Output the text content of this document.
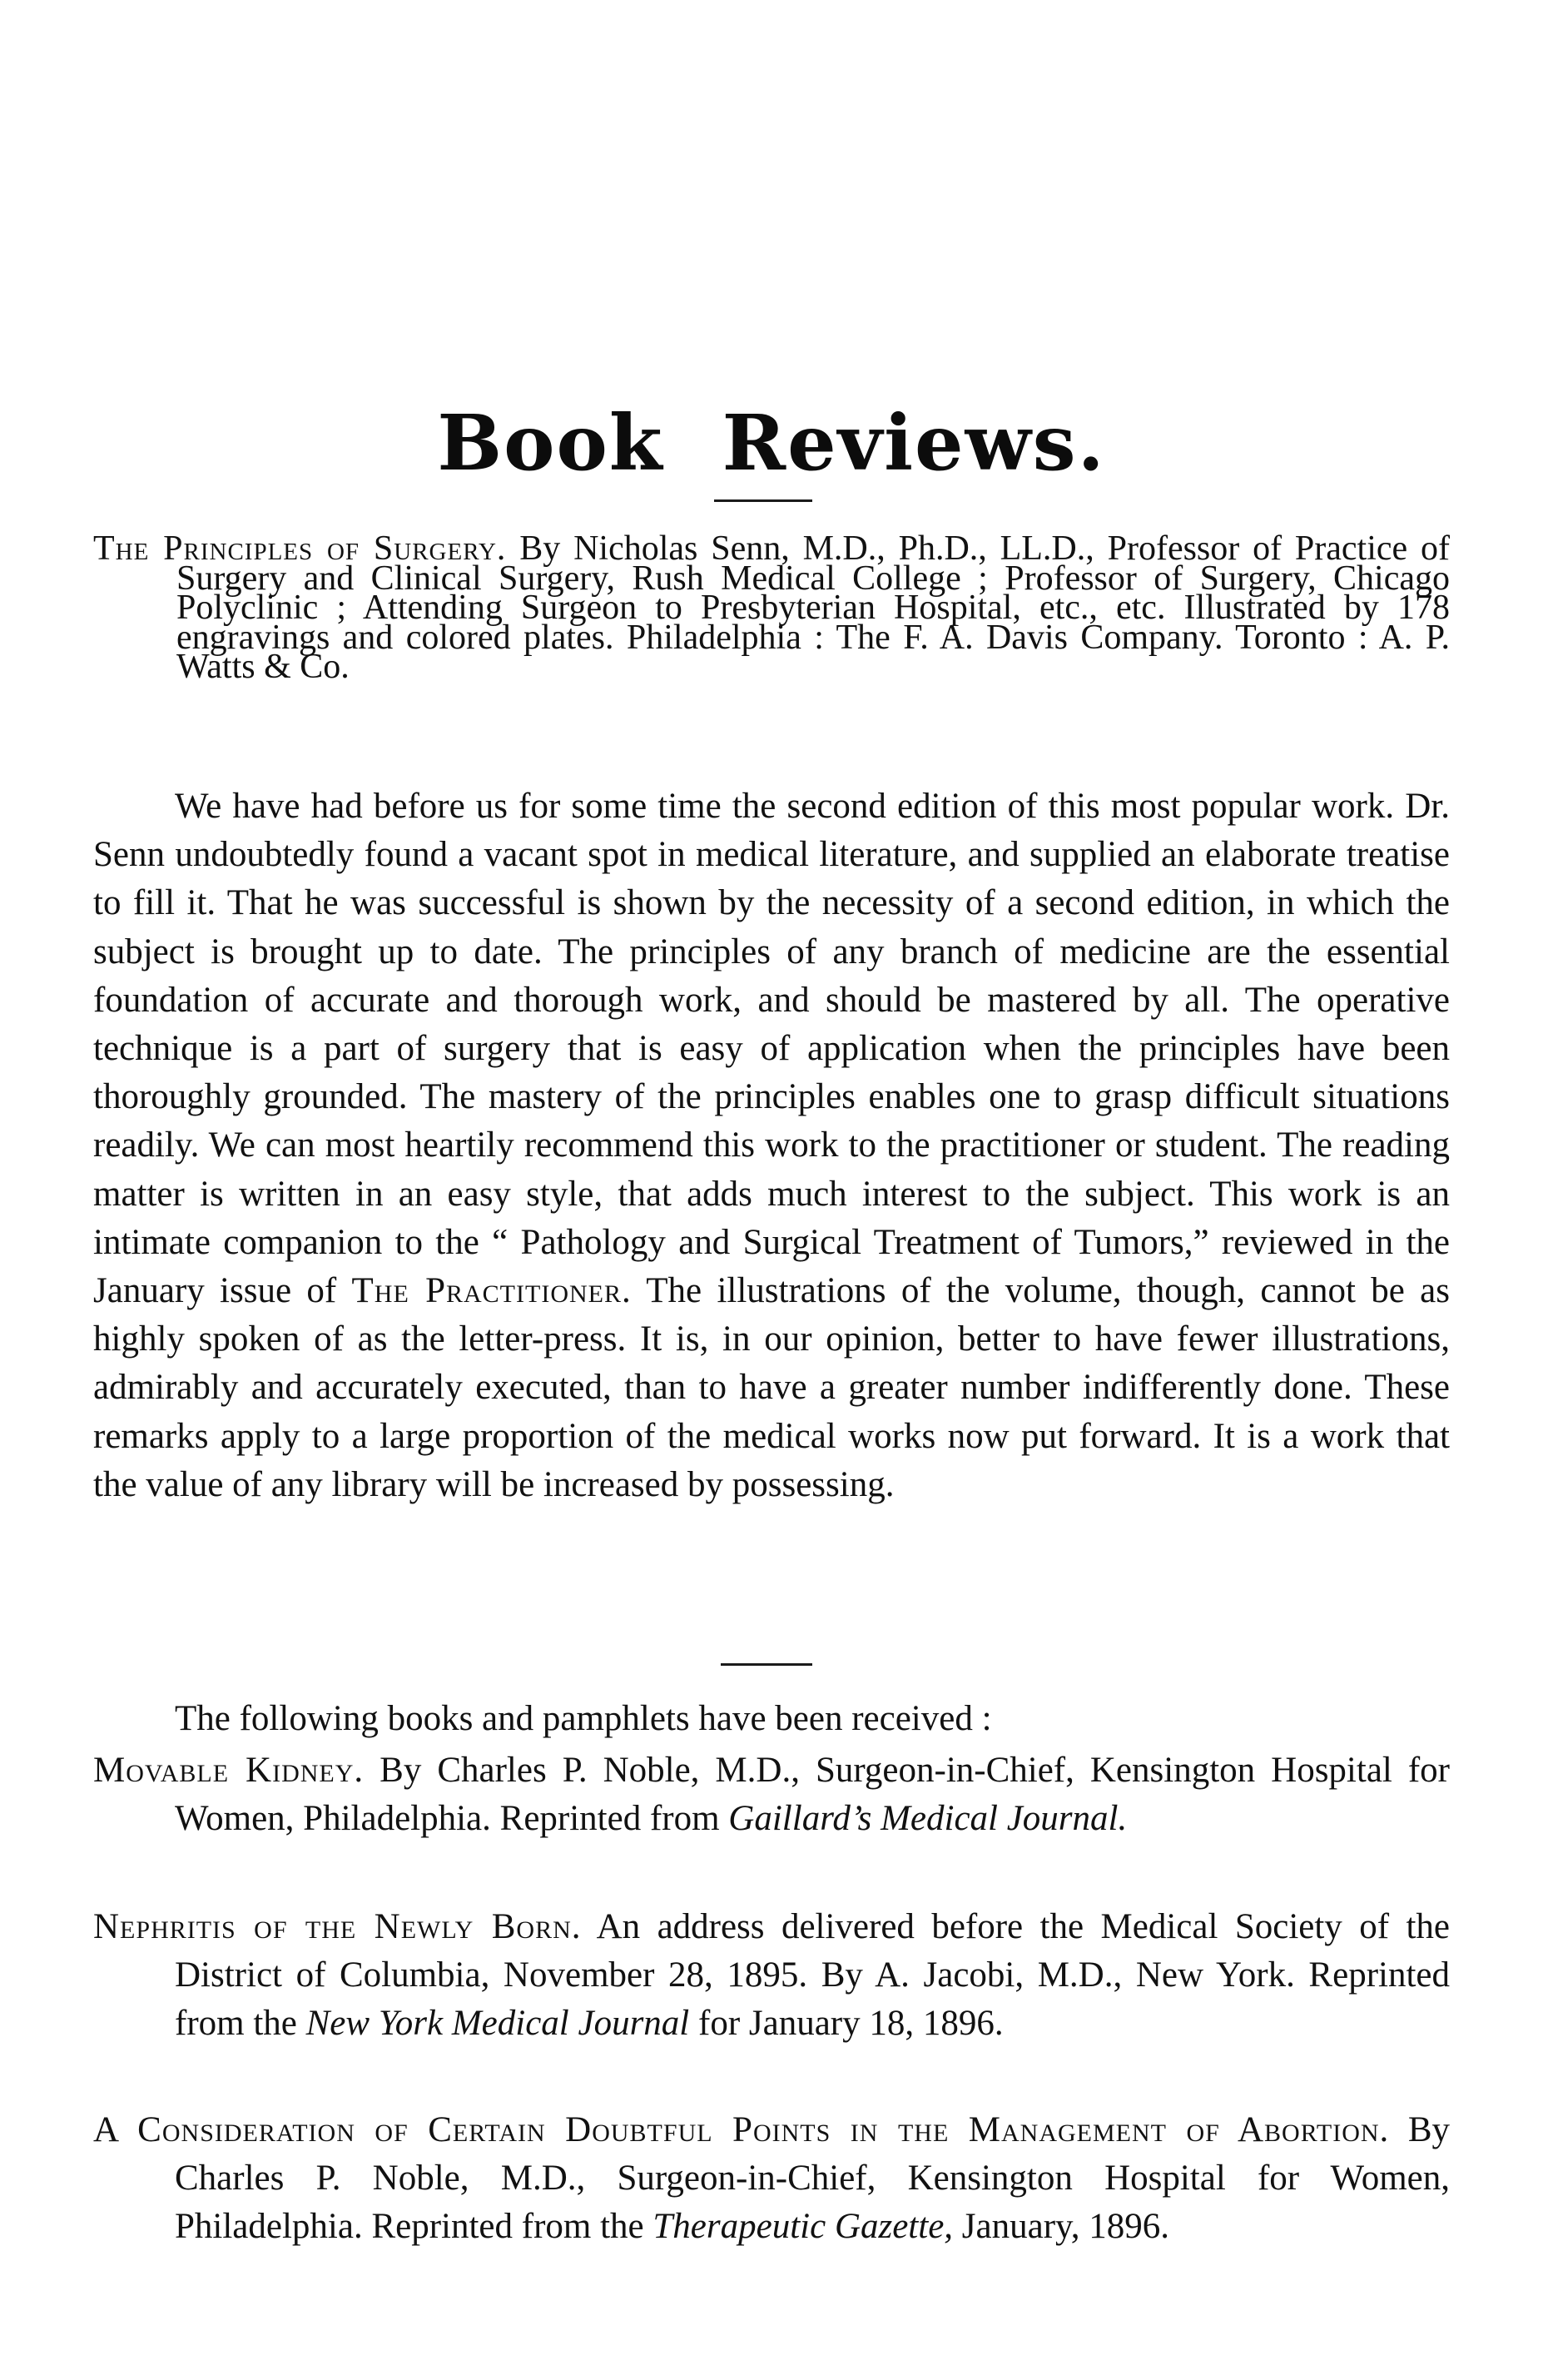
Book Reviews.
The Principles of Surgery. By Nicholas Senn, M.D., Ph.D., LL.D., Professor of Practice of Surgery and Clinical Surgery, Rush Medical College ; Professor of Surgery, Chicago Polyclinic ; Attending Surgeon to Presbyterian Hospital, etc., etc. Illustrated by 178 engravings and colored plates. Philadelphia : The F. A. Davis Company. Toronto : A. P. Watts & Co.
We have had before us for some time the second edition of this most popular work. Dr. Senn undoubtedly found a vacant spot in medical literature, and supplied an elaborate treatise to fill it. That he was successful is shown by the necessity of a second edition, in which the subject is brought up to date. The principles of any branch of medicine are the essential foundation of accurate and thorough work, and should be mastered by all. The operative technique is a part of surgery that is easy of application when the principles have been thoroughly grounded. The mastery of the principles enables one to grasp difficult situations readily. We can most heartily recommend this work to the practitioner or student. The reading matter is written in an easy style, that adds much interest to the subject. This work is an intimate companion to the “ Pathology and Surgical Treatment of Tumors,” reviewed in the January issue of The Practitioner. The illustrations of the volume, though, cannot be as highly spoken of as the letter-press. It is, in our opinion, better to have fewer illustrations, admirably and accurately executed, than to have a greater number indifferently done. These remarks apply to a large proportion of the medical works now put forward. It is a work that the value of any library will be increased by possessing.
The following books and pamphlets have been received :
Movable Kidney. By Charles P. Noble, M.D., Surgeon-in-Chief, Kensington Hospital for Women, Philadelphia. Reprinted from Gaillard’s Medical Journal.
Nephritis of the Newly Born. An address delivered before the Medical Society of the District of Columbia, November 28, 1895. By A. Jacobi, M.D., New York. Reprinted from the New York Medical Journal for January 18, 1896.
A Consideration of Certain Doubtful Points in the Management of Abortion. By Charles P. Noble, M.D., Surgeon-in-Chief, Kensington Hospital for Women, Philadelphia. Reprinted from the Therapeutic Gazette, January, 1896.
